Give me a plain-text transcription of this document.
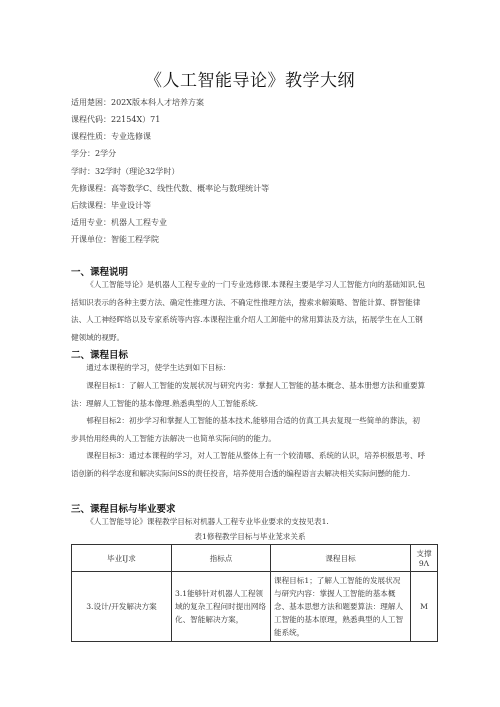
《人工智能导论》教学大纲
适用楚困：202X版本科人才培养方案
课程代码：22154X）71
课程性质：专业选修课
学分：2学分
学时：32学时（理论32学时）
先修课程：高等数学C、线性代数、概率论与数理统计等
后续课程：毕业设计等
适用专业：机器人工程专业
开课单位：智能工程学院
一、课程说明

《人工智能导论》是机器人工程专业的一门专业选修课.本课程主要是学习人工智能方向的基础知识,包括知识表示的各种主要方法、确定性推理方法、不确定性推理方法，搜索求解策略、智能计算、群智能律法、人工神经晖络以及专家系统等内容.本课程注重介绍人工卸能中的常用算法及方法，拓展学生在人工钢健领域的视野。

二、课程目标

通过本课程的学习，使学生达到如下目标：

课程目标1：了解人工智能的发展状况与研究内劣：掌握人工智能的基本概念、基本册想方法和重要算法：理解人工智能的基本像理.熟悉典型的人工智能系统.

邨程目标2：初步学习和掌握人工智能的基本技术,能够用合适的仿真工具去复现一些简单的葬法，初步具怡用经典的人工智能方法解决一也简单实际问的的能力。

课程目标3：通过本课程的学习，对人工智能从整体上有一个较清哪、系统的认识，培养枳极思考、呼语创新的科学态度和解决实际问SS的责任投音，培养使用合透的编程语言去解决相关实际问懸的能力.

三、课程目标与毕业要求

《人工智能导论》课程教学目标对机器人工程专业毕业要求的支按见表1.

表1修程教学目标与毕业茏求关系
毕业IJ求	指标点	课程目标	支撑9Λ
3.设计/开发解决方案	3.1能够针对机器人工程领域的复杂工程问时提出网络化、智能解决方案，	课程目标1；了解人工智能的发展状况与研究内容：掌握人工智能的基本概念、基本思想方法和题要算法：理解人工智能的基本原理，熟悉典型的人工智能系统，	M
